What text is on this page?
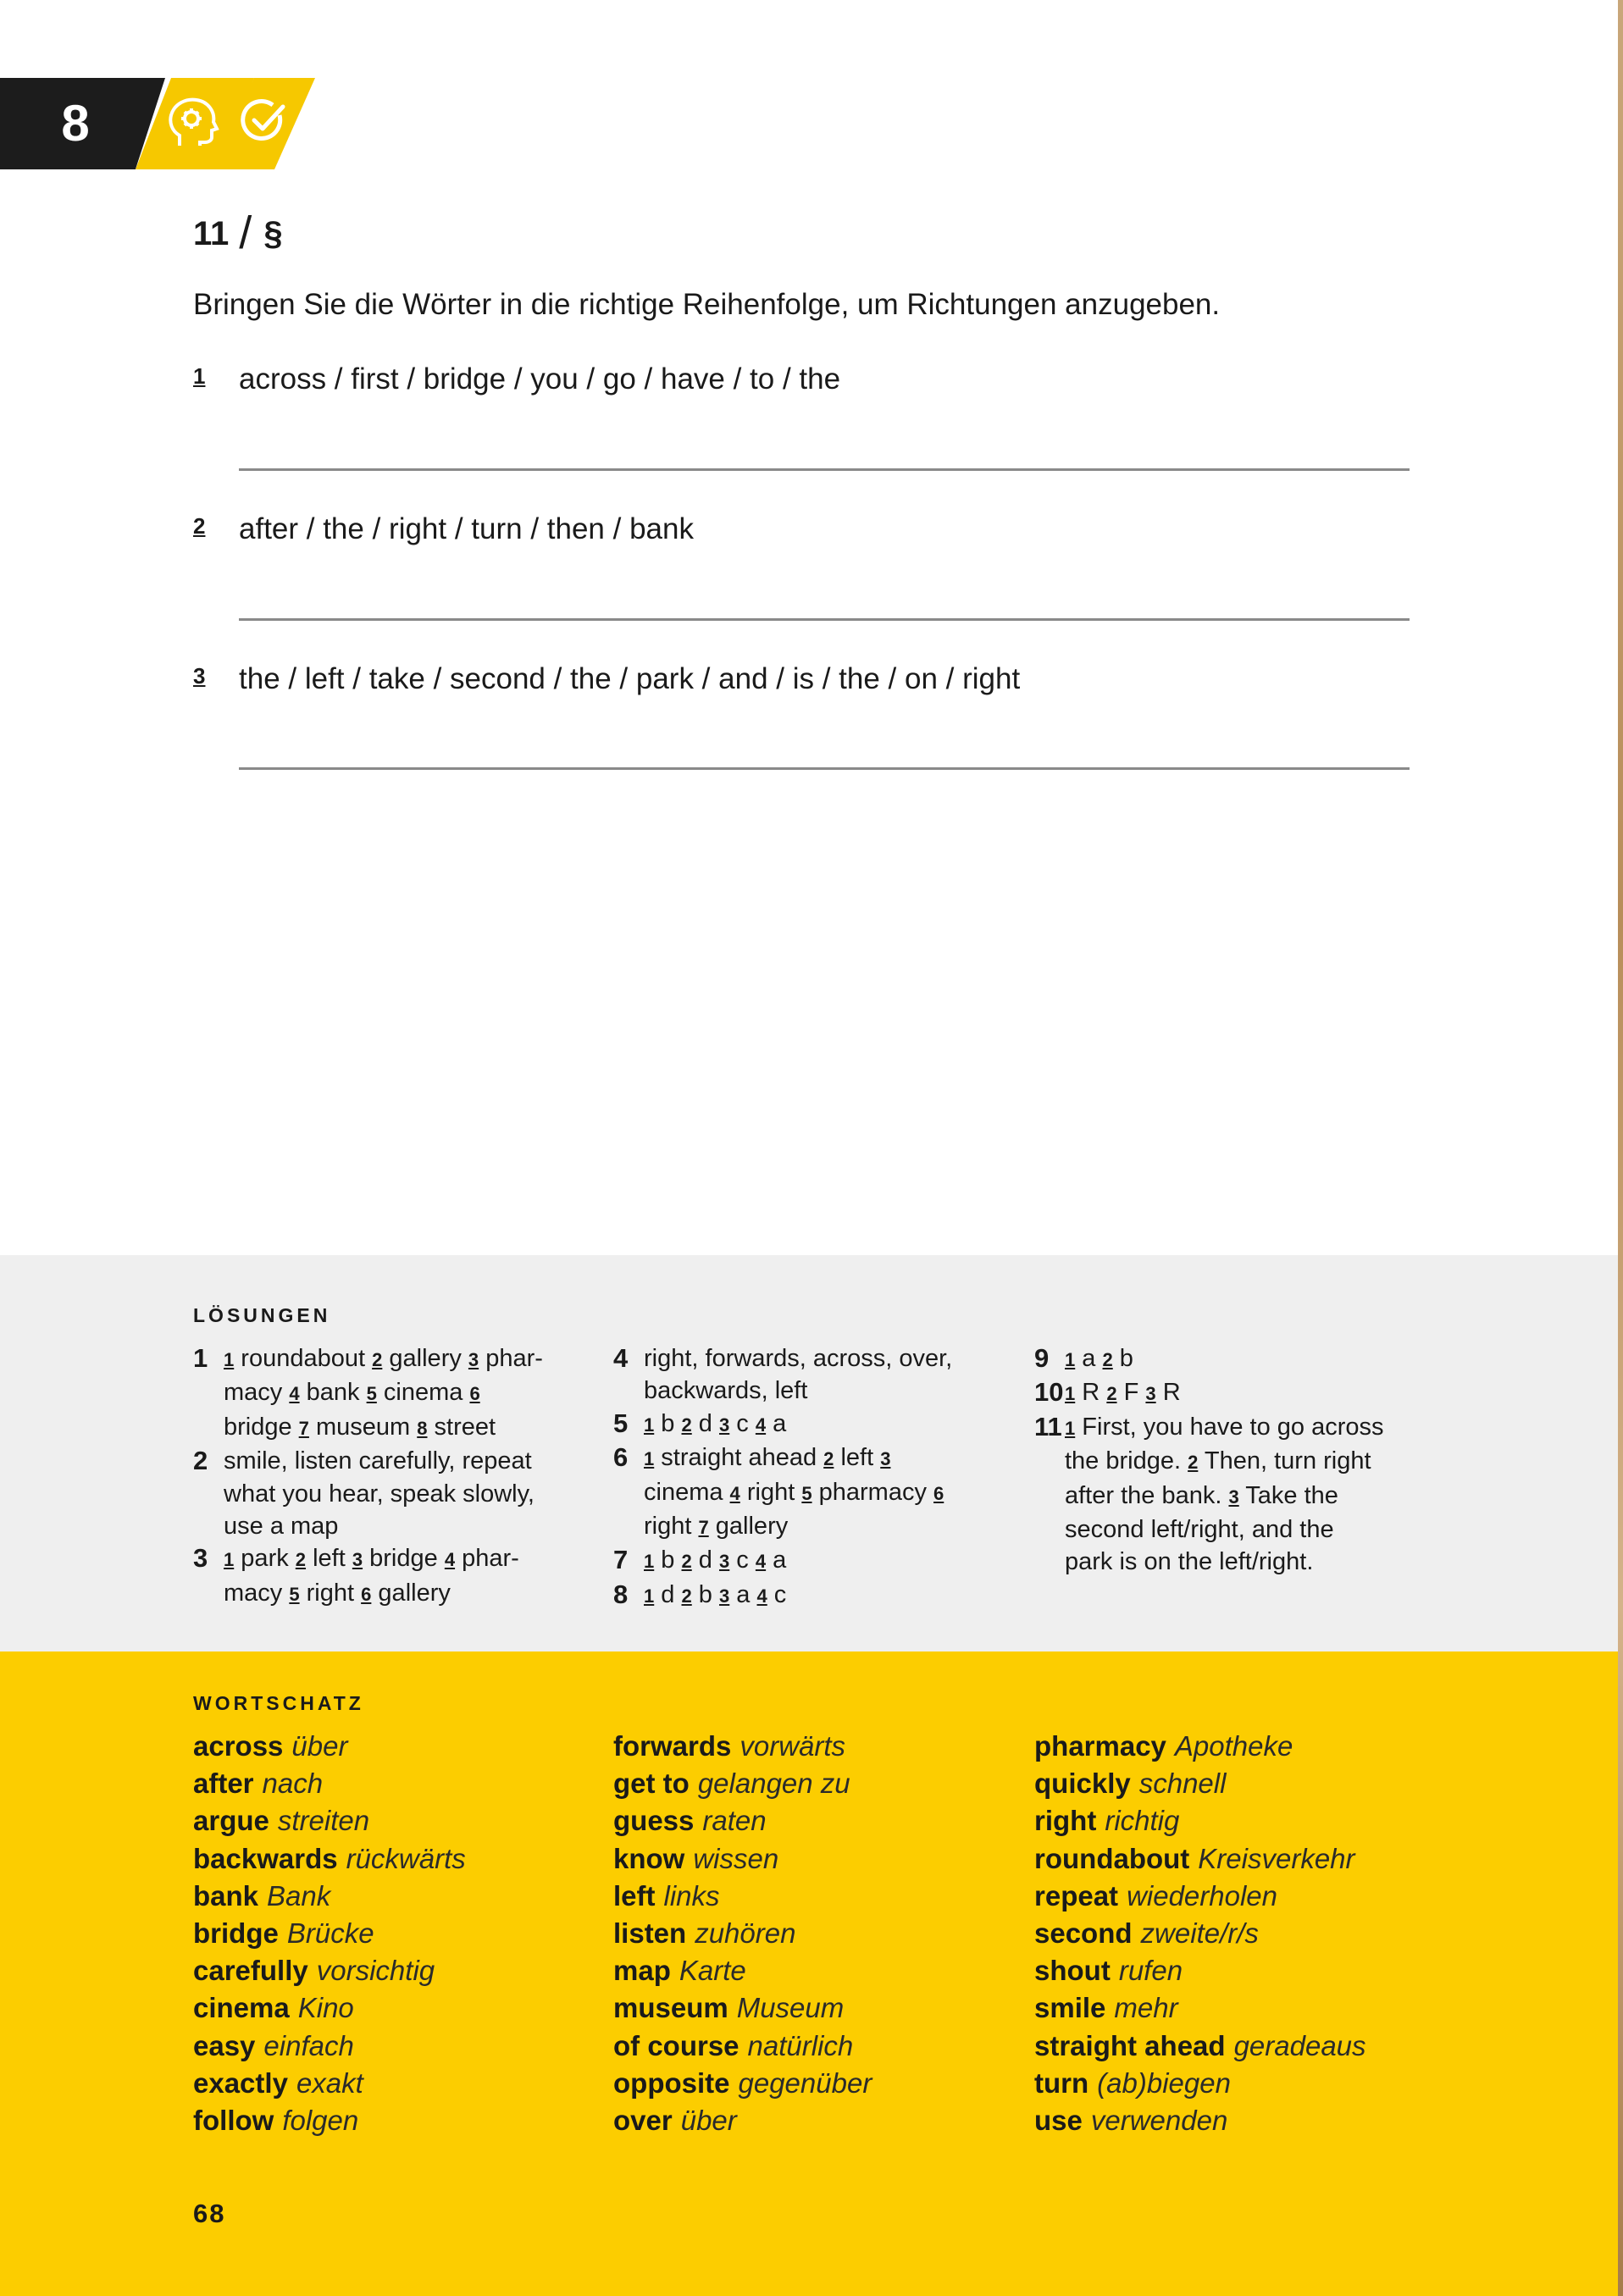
8
11 / §
Bringen Sie die Wörter in die richtige Reihenfolge, um Richtungen anzugeben.
1 across / first / bridge / you / go / have / to / the
2 after / the / right / turn / then / bank
3 the / left / take / second / the / park / and / is / the / on / right
LÖSUNGEN
1 1 roundabout 2 gallery 3 phar-
macy 4 bank 5 cinema 6
bridge 7 museum 8 street
2 smile, listen carefully, repeat
what you hear, speak slowly,
use a map
3 1 park 2 left 3 bridge 4 phar-
macy 5 right 6 gallery
4 right, forwards, across, over,
backwards, left
5 1 b 2 d 3 c 4 a
6 1 straight ahead 2 left 3
cinema 4 right 5 pharmacy 6
right 7 gallery
7 1 b 2 d 3 c 4 a
8 1 d 2 b 3 a 4 c
9 1 a 2 b
10 1 R 2 F 3 R
11 1 First, you have to go across
the bridge. 2 Then, turn right
after the bank. 3 Take the
second left/right, and the
park is on the left/right.
WORTSCHATZ
across über
after nach
argue streiten
backwards rückwärts
bank Bank
bridge Brücke
carefully vorsichtig
cinema Kino
easy einfach
exactly exakt
follow folgen
forwards vorwärts
get to gelangen zu
guess raten
know wissen
left links
listen zuhören
map Karte
museum Museum
of course natürlich
opposite gegenüber
over über
pharmacy Apotheke
quickly schnell
right richtig
roundabout Kreisverkehr
repeat wiederholen
second zweite/r/s
shout rufen
smile mehr
straight ahead geradeaus
turn (ab)biegen
use verwenden
68
